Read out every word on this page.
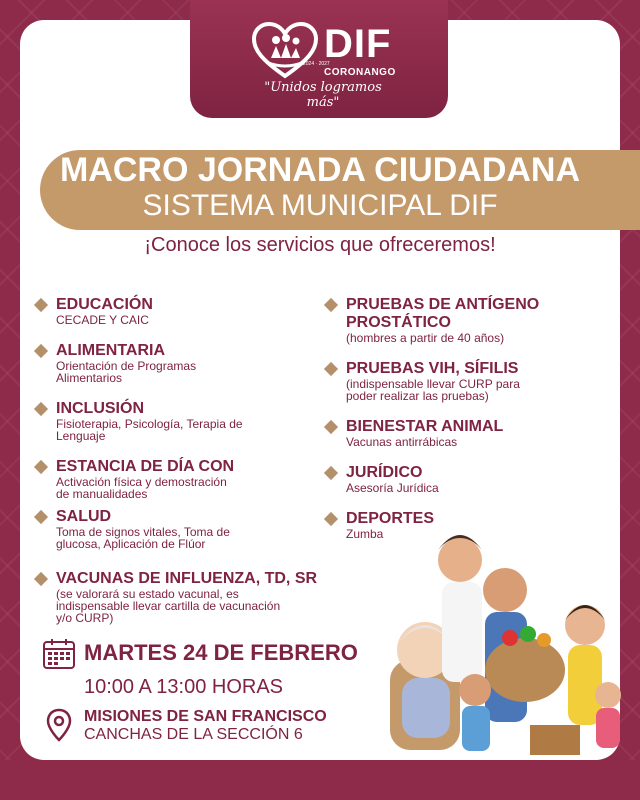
DIF
2024 · 2027
CORONANGO
"Unidos logramos más"
MACRO JORNADA CIUDADANA
SISTEMA MUNICIPAL DIF
¡Conoce los servicios que ofreceremos!
EDUCACIÓN
CECADE Y CAIC
ALIMENTARIA
Orientación de Programas
Alimentarios
INCLUSIÓN
Fisioterapia, Psicología, Terapia de
Lenguaje
ESTANCIA DE DÍA CON
Activación física y demostración
de manualidades
SALUD
Toma de signos vitales, Toma de
glucosa, Aplicación de Flúor
VACUNAS DE INFLUENZA, TD, SR
(se valorará su estado vacunal, es
indispensable llevar cartilla de vacunación
y/o CURP)
PRUEBAS DE ANTÍGENO
PROSTÁTICO
(hombres a partir de 40 años)
PRUEBAS VIH, SÍFILIS
(indispensable llevar CURP para
poder realizar las pruebas)
BIENESTAR ANIMAL
Vacunas antirrábicas
JURÍDICO
Asesoría Jurídica
DEPORTES
Zumba
MARTES 24 DE FEBRERO
10:00 A 13:00 HORAS
MISIONES DE SAN FRANCISCO
CANCHAS DE LA SECCIÓN 6
